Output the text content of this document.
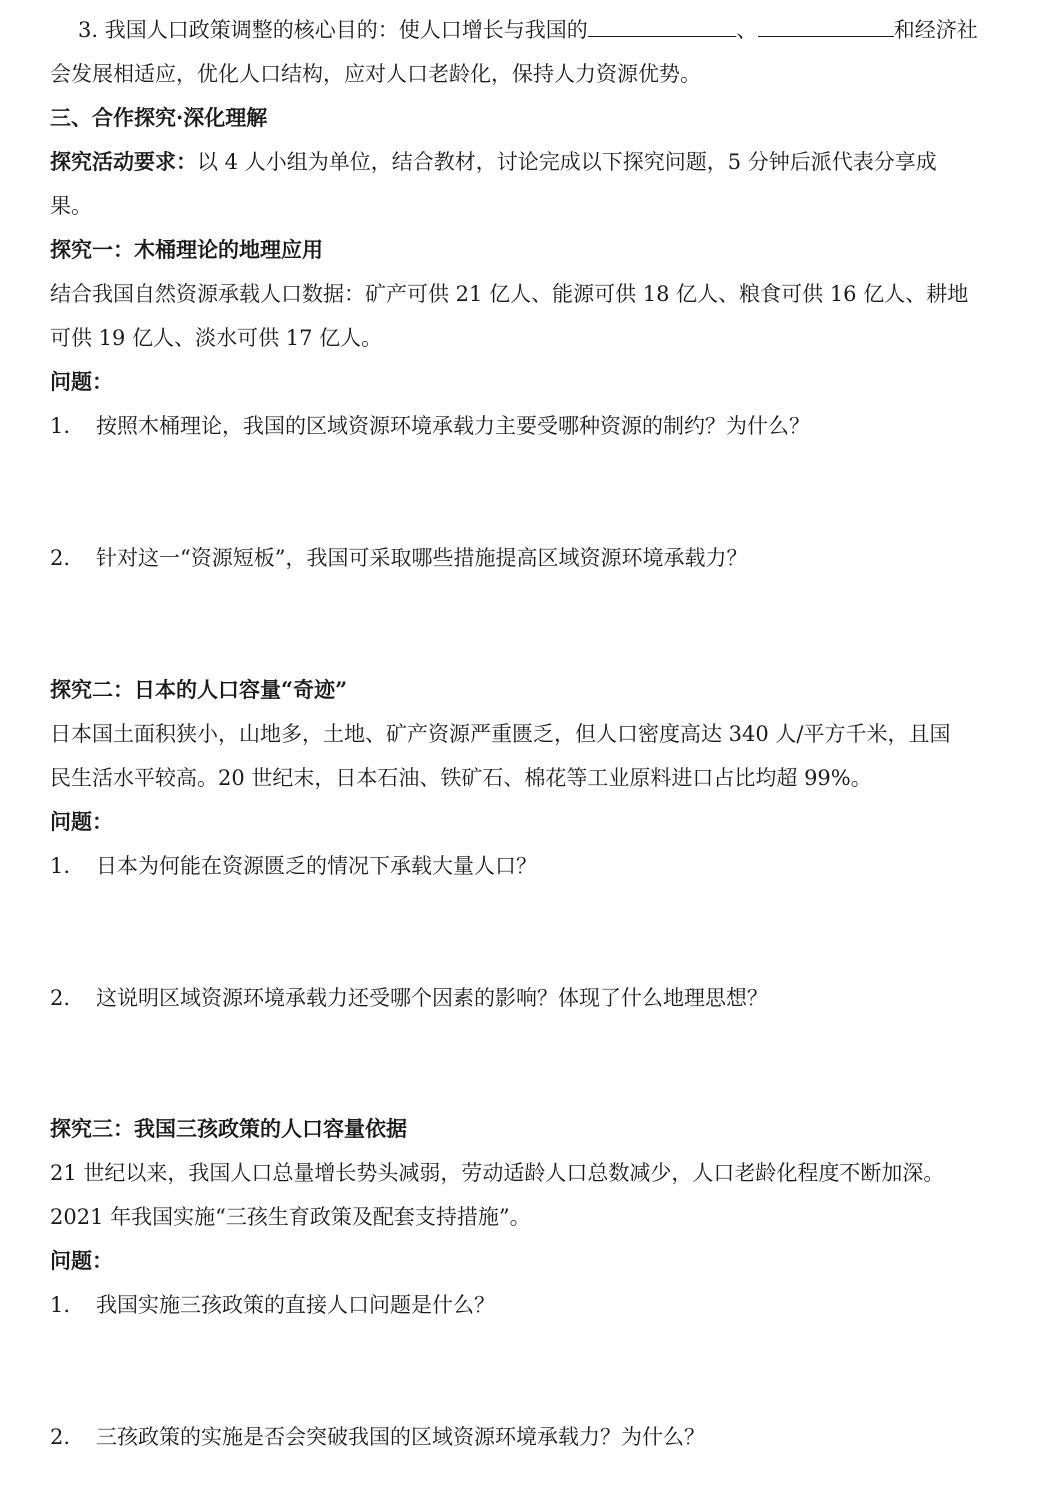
3. 我国人口政策调整的核心目的：使人口增长与我国的	、	和经济社
会发展相适应，优化人口结构，应对人口老龄化，保持人力资源优势。
三、合作探究·深化理解
探究活动要求：以 4 人小组为单位，结合教材，讨论完成以下探究问题，5 分钟后派代表分享成
果。
探究一：木桶理论的地理应用
结合我国自然资源承载人口数据：矿产可供 21 亿人、能源可供 18 亿人、粮食可供 16 亿人、耕地
可供 19 亿人、淡水可供 17 亿人。
问题：
1. 按照木桶理论，我国的区域资源环境承载力主要受哪种资源的制约？为什么？
2. 针对这一“资源短板”，我国可采取哪些措施提高区域资源环境承载力？
探究二：日本的人口容量“奇迹”
日本国土面积狭小，山地多，土地、矿产资源严重匮乏，但人口密度高达 340 人/平方千米，且国
民生活水平较高。20 世纪末，日本石油、铁矿石、棉花等工业原料进口占比均超 99%。
问题：
1. 日本为何能在资源匮乏的情况下承载大量人口？
2. 这说明区域资源环境承载力还受哪个因素的影响？体现了什么地理思想？
探究三：我国三孩政策的人口容量依据
21 世纪以来，我国人口总量增长势头减弱，劳动适龄人口总数减少，人口老龄化程度不断加深。
2021 年我国实施“三孩生育政策及配套支持措施”。
问题：
1. 我国实施三孩政策的直接人口问题是什么？
2. 三孩政策的实施是否会突破我国的区域资源环境承载力？为什么？
